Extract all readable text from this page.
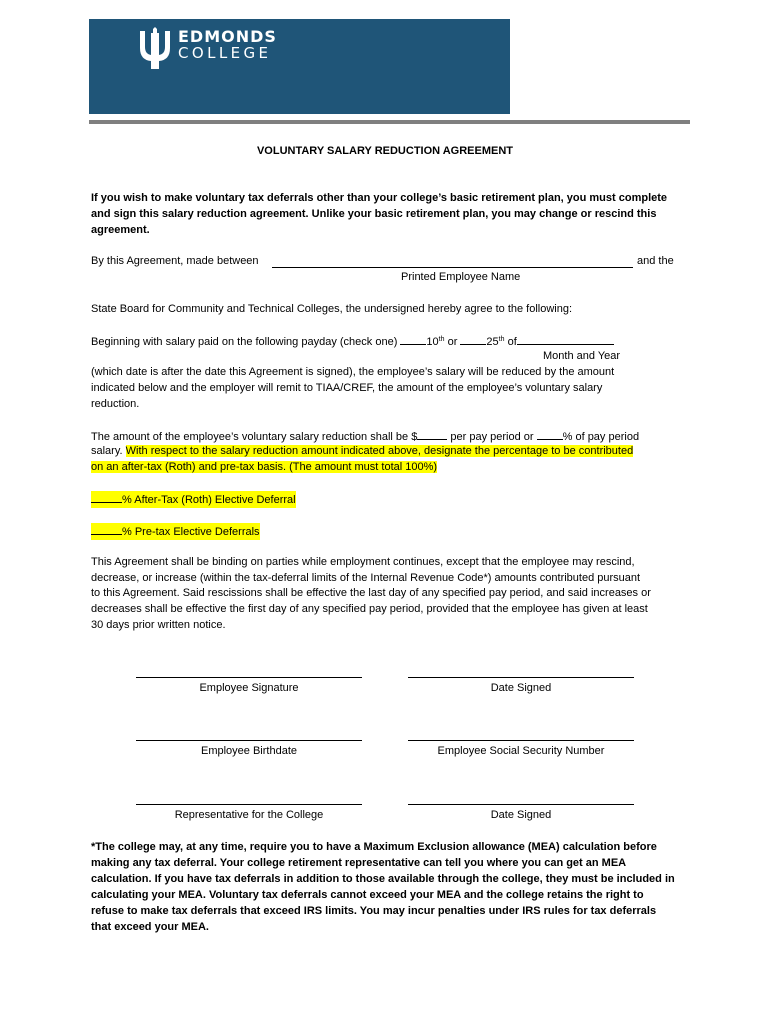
EDMONDS
COLLEGE
VOLUNTARY SALARY REDUCTION AGREEMENT
If you wish to make voluntary tax deferrals other than your college’s basic retirement plan, you must complete
and sign this salary reduction agreement. Unlike your basic retirement plan, you may change or rescind this
agreement.
By this Agreement, made between	and the
Printed Employee Name
State Board for Community and Technical Colleges, the undersigned hereby agree to the following:
Beginning with salary paid on the following payday (check one)	10th or	25th of
Month and Year
(which date is after the date this Agreement is signed), the employee’s salary will be reduced by the amount
indicated below and the employer will remit to TIAA/CREF, the amount of the employee’s voluntary salary
reduction.
The amount of the employee’s voluntary salary reduction shall be $	per pay period or	% of pay period
salary. With respect to the salary reduction amount indicated above, designate the percentage to be contributed
on an after-tax (Roth) and pre-tax basis. (The amount must total 100%)
% After-Tax (Roth) Elective Deferral
% Pre-tax Elective Deferrals
This Agreement shall be binding on parties while employment continues, except that the employee may rescind,
decrease, or increase (within the tax-deferral limits of the Internal Revenue Code*) amounts contributed pursuant
to this Agreement. Said rescissions shall be effective the last day of any specified pay period, and said increases or
decreases shall be effective the first day of any specified pay period, provided that the employee has given at least
30 days prior written notice.
Employee Signature	Date Signed
Employee Birthdate	Employee Social Security Number
Representative for the College	Date Signed
*The college may, at any time, require you to have a Maximum Exclusion allowance (MEA) calculation before
making any tax deferral. Your college retirement representative can tell you where you can get an MEA
calculation. If you have tax deferrals in addition to those available through the college, they must be included in
calculating your MEA. Voluntary tax deferrals cannot exceed your MEA and the college retains the right to
refuse to make tax deferrals that exceed IRS limits. You may incur penalties under IRS rules for tax deferrals
that exceed your MEA.
